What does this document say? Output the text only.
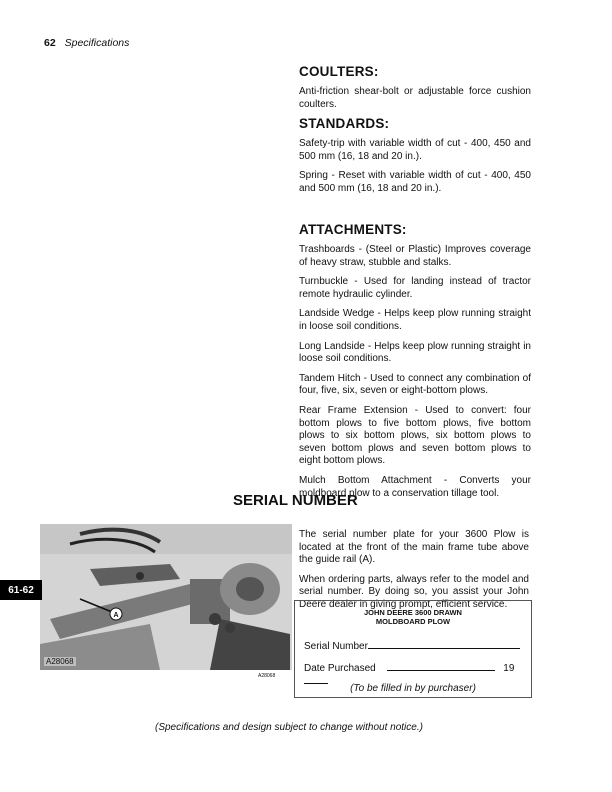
62 Specifications
COULTERS:

Anti-friction shear-bolt or adjustable force cushion coulters.

STANDARDS:

Safety-trip with variable width of cut - 400, 450 and 500 mm (16, 18 and 20 in.).

Spring - Reset with variable width of cut - 400, 450 and 500 mm (16, 18 and 20 in.).

ATTACHMENTS:

Trashboards - (Steel or Plastic) Improves coverage of heavy straw, stubble and stalks.

Turnbuckle - Used for landing instead of tractor remote hydraulic cylinder.

Landside Wedge - Helps keep plow running straight in loose soil conditions.

Long Landside - Helps keep plow running straight in loose soil conditions.

Tandem Hitch - Used to connect any combination of four, five, six, seven or eight-bottom plows.

Rear Frame Extension - Used to convert: four bottom plows to five bottom plows, five bottom plows to six bottom plows, six bottom plows to seven bottom plows and seven bottom plows to eight bottom plows.

Mulch Bottom Attachment - Converts your moldboard plow to a conservation tillage tool.

SERIAL NUMBER
A
A28068
A28068
61-62

The serial number plate for your 3600 Plow is located at the front of the main frame tube above the guide rail (A).

When ordering parts, always refer to the model and serial number. By doing so, you assist your John Deere dealer in giving prompt, efficient service.

JOHN DEERE 3600 DRAWN
MOLDBOARD PLOW
Serial Number
Date Purchased	19
(To be filled in by purchaser)
(Specifications and design subject to change without notice.)
